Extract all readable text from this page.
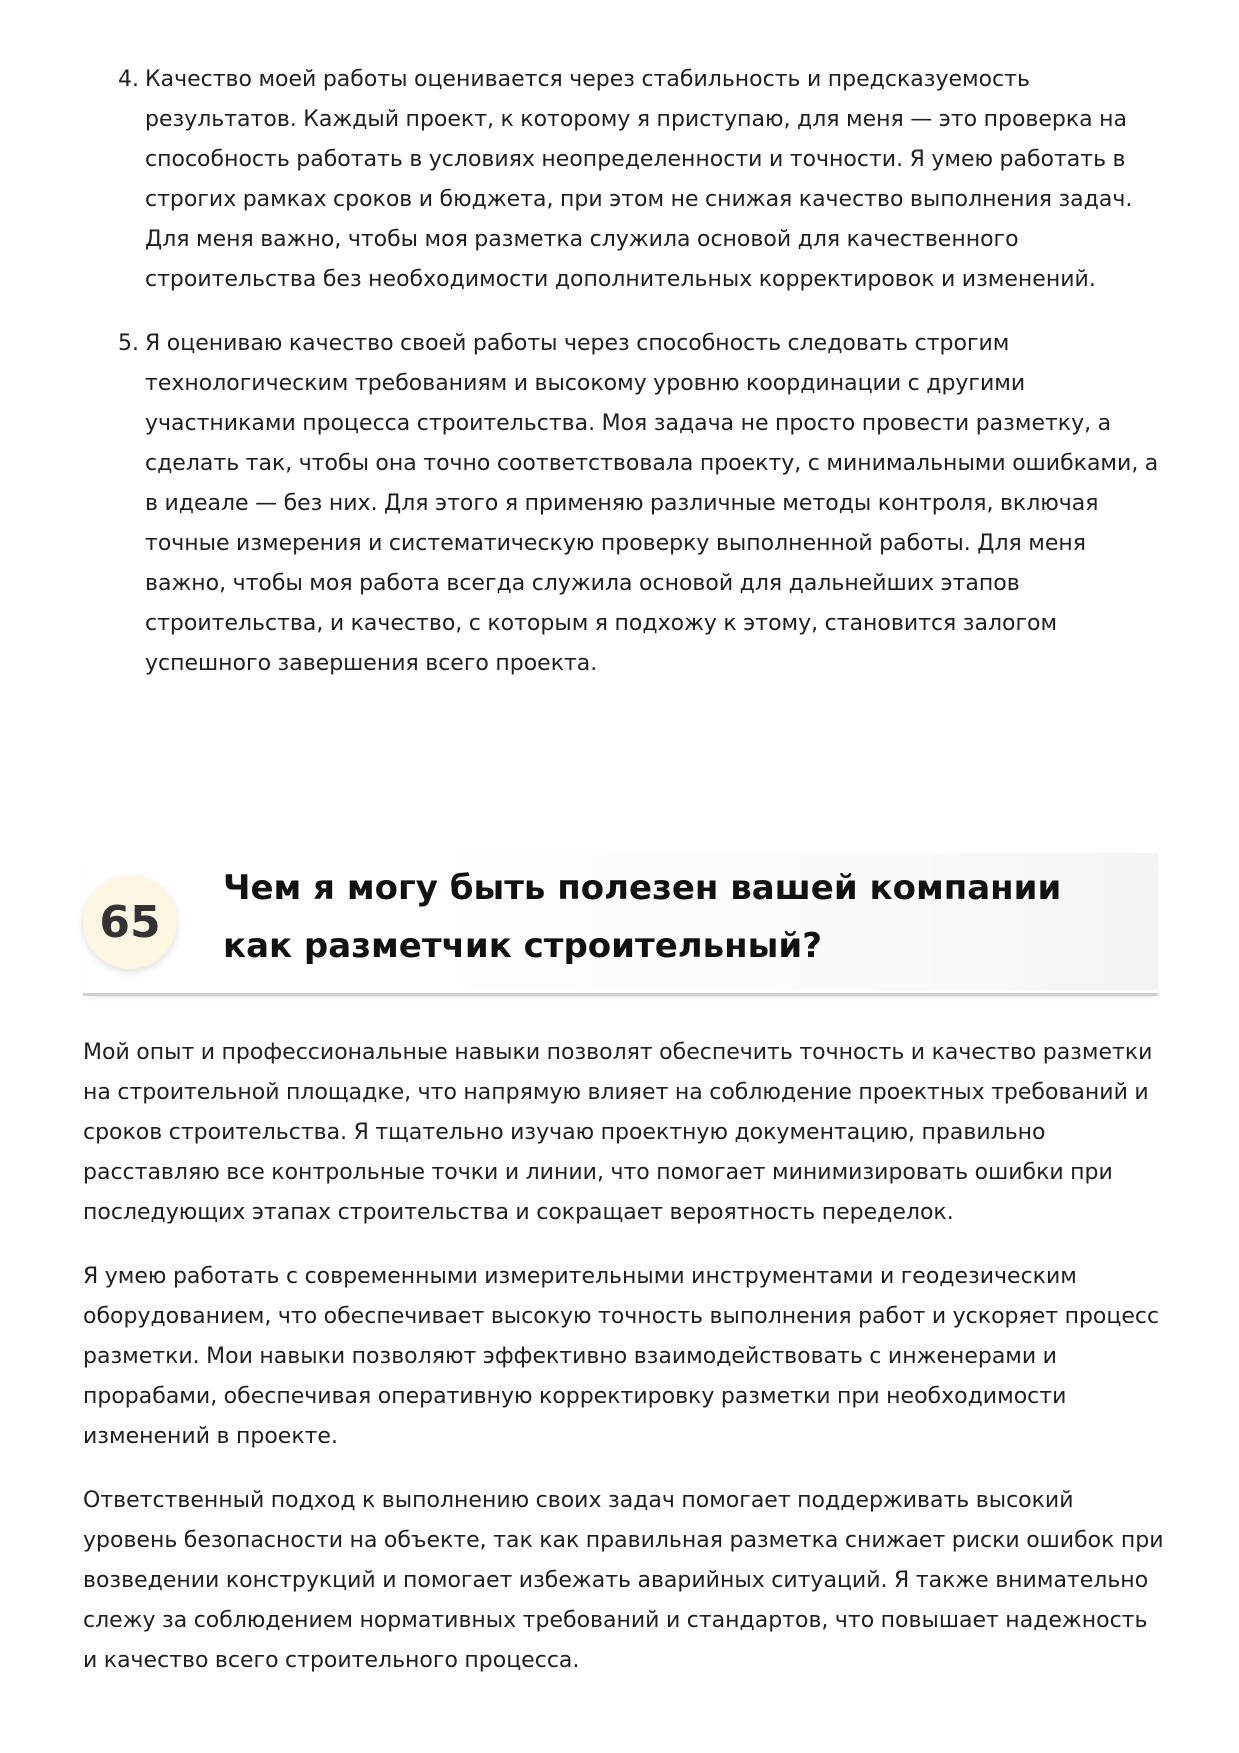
4. Качество моей работы оценивается через стабильность и предсказуемость результатов. Каждый проект, к которому я приступаю, для меня — это проверка на способность работать в условиях неопределенности и точности. Я умею работать в строгих рамках сроков и бюджета, при этом не снижая качество выполнения задач. Для меня важно, чтобы моя разметка служила основой для качественного строительства без необходимости дополнительных корректировок и изменений.
5. Я оцениваю качество своей работы через способность следовать строгим технологическим требованиям и высокому уровню координации с другими участниками процесса строительства. Моя задача не просто провести разметку, а сделать так, чтобы она точно соответствовала проекту, с минимальными ошибками, а в идеале — без них. Для этого я применяю различные методы контроля, включая точные измерения и систематическую проверку выполненной работы. Для меня важно, чтобы моя работа всегда служила основой для дальнейших этапов строительства, и качество, с которым я подхожу к этому, становится залогом успешного завершения всего проекта.
65
Чем я могу быть полезен вашей компании как разметчик строительный?

Мой опыт и профессиональные навыки позволят обеспечить точность и качество разметки на строительной площадке, что напрямую влияет на соблюдение проектных требований и сроков строительства. Я тщательно изучаю проектную документацию, правильно расставляю все контрольные точки и линии, что помогает минимизировать ошибки при последующих этапах строительства и сокращает вероятность переделок.

Я умею работать с современными измерительными инструментами и геодезическим оборудованием, что обеспечивает высокую точность выполнения работ и ускоряет процесс разметки. Мои навыки позволяют эффективно взаимодействовать с инженерами и прорабами, обеспечивая оперативную корректировку разметки при необходимости изменений в проекте.

Ответственный подход к выполнению своих задач помогает поддерживать высокий уровень безопасности на объекте, так как правильная разметка снижает риски ошибок при возведении конструкций и помогает избежать аварийных ситуаций. Я также внимательно слежу за соблюдением нормативных требований и стандартов, что повышает надежность и качество всего строительного процесса.
